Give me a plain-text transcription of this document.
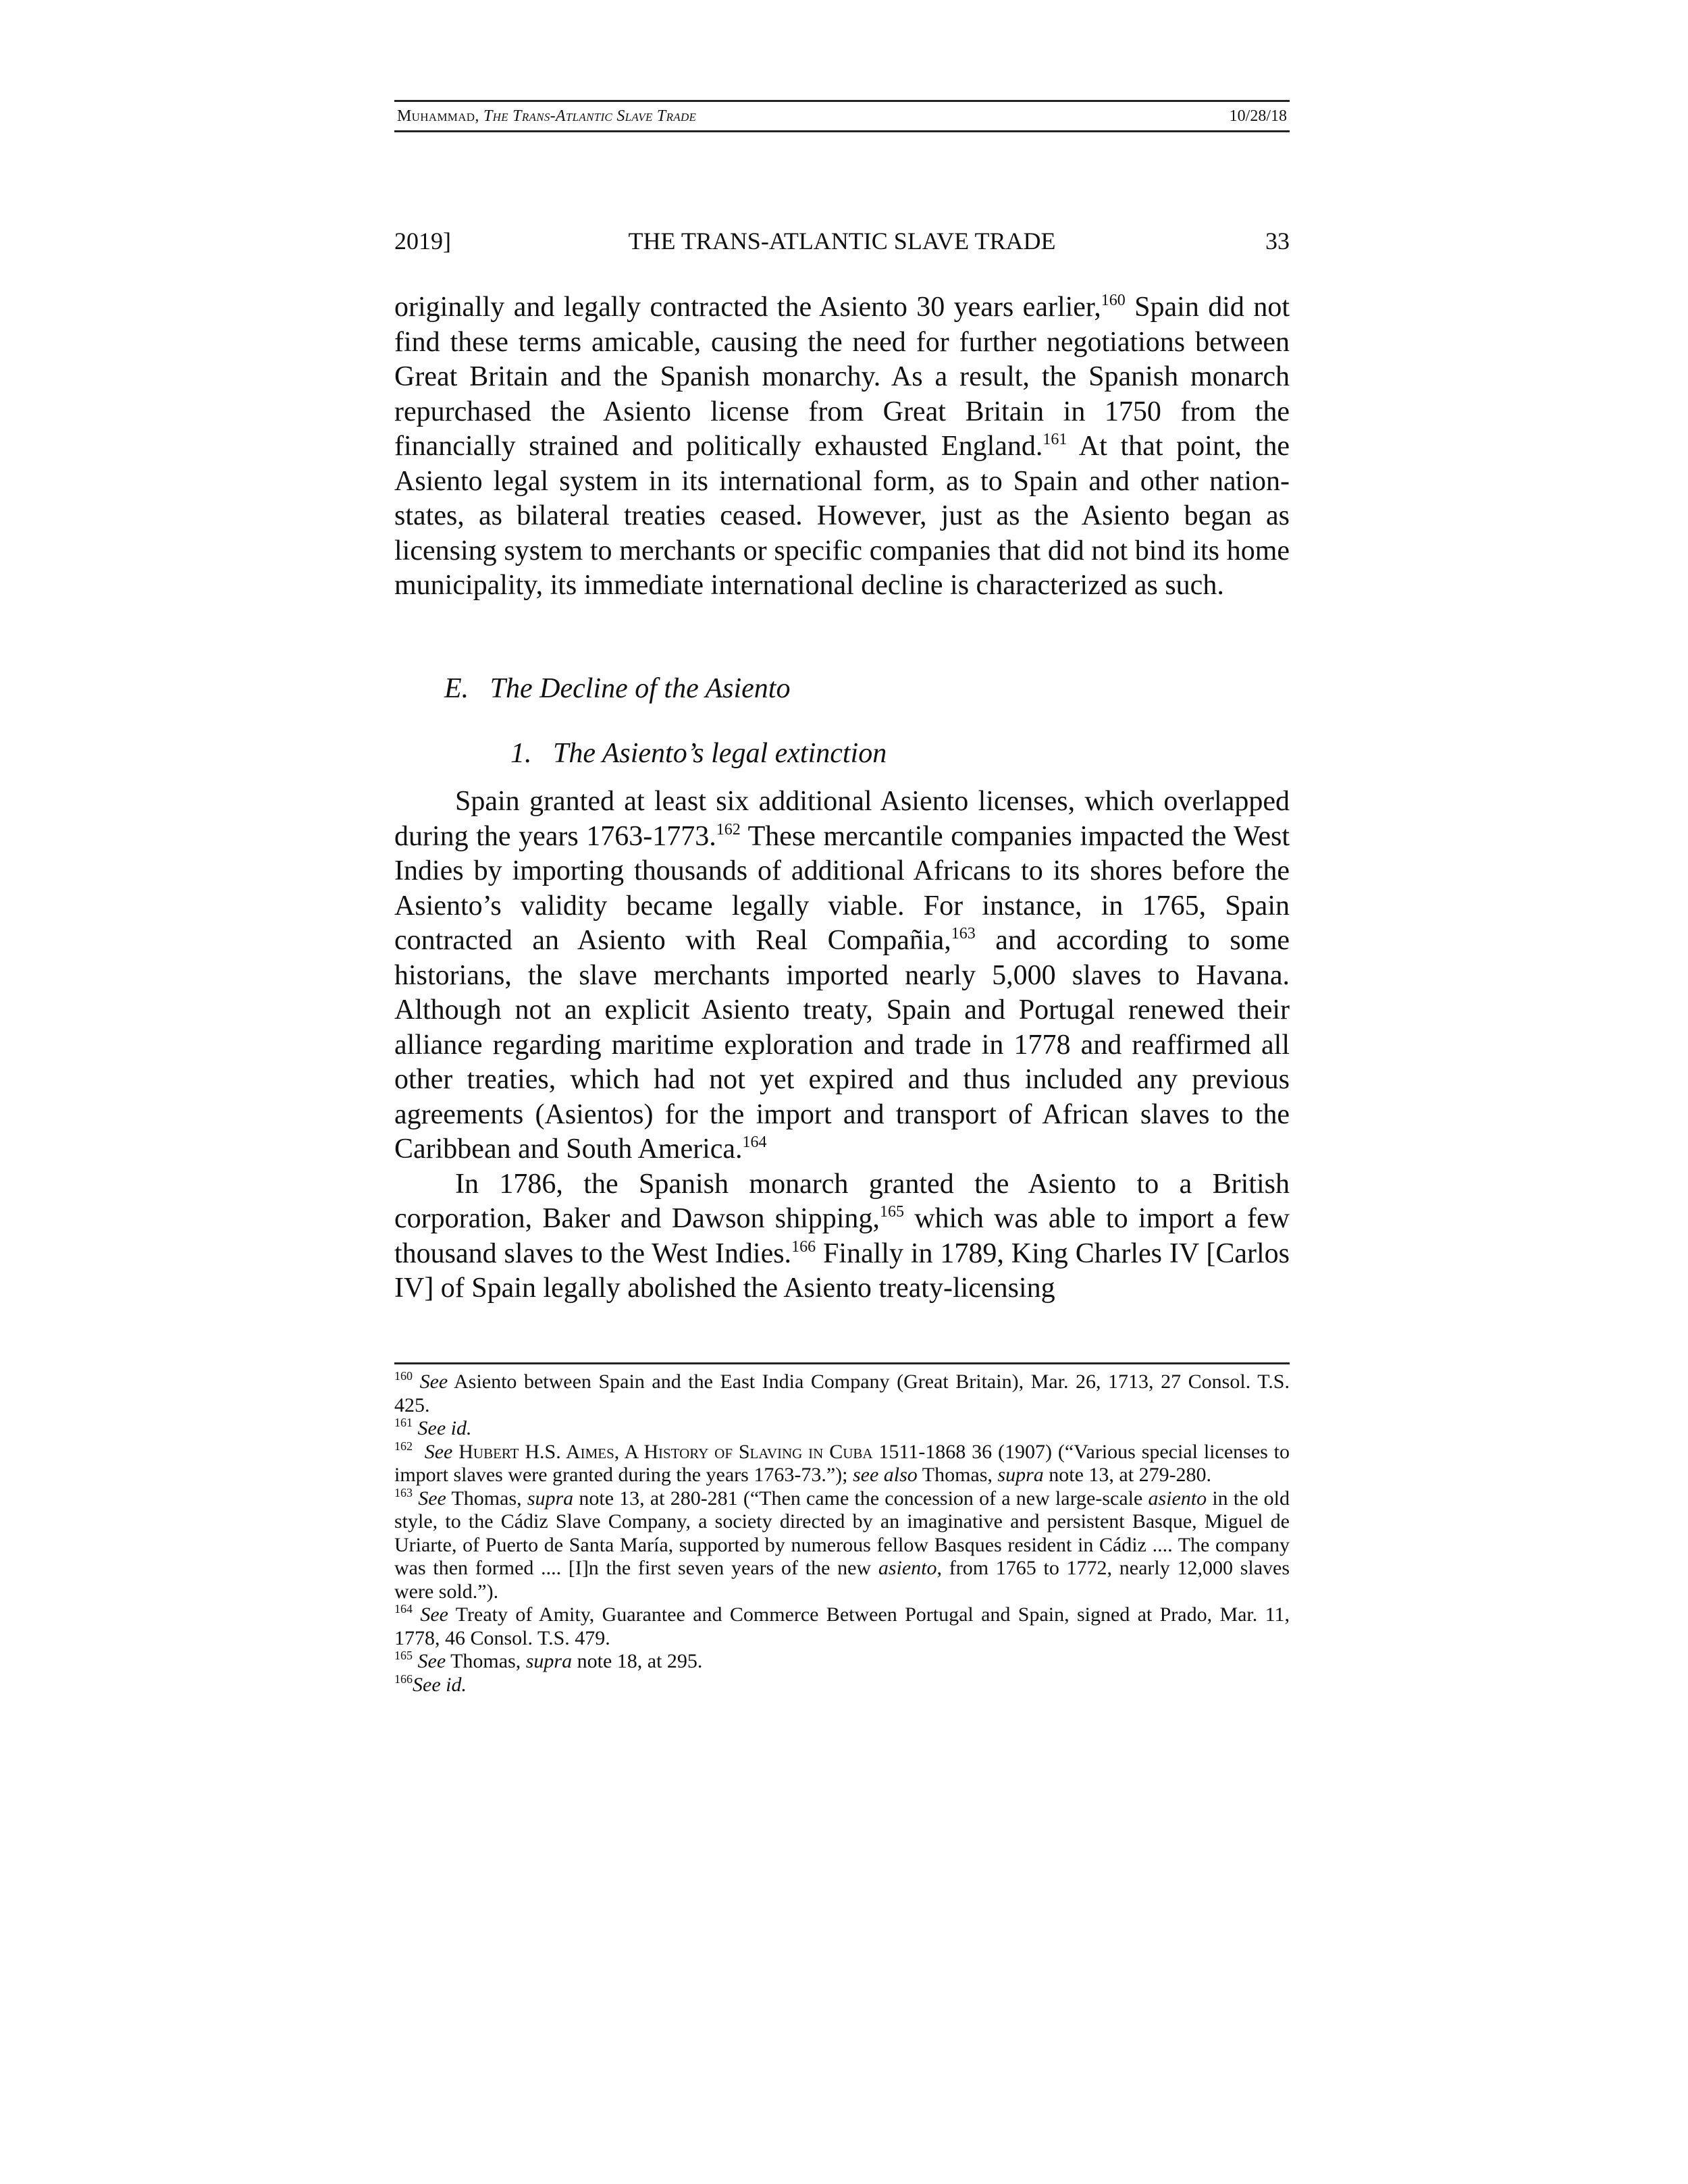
Muhammad, The Trans-Atlantic Slave Trade	10/28/18
2019]	THE TRANS-ATLANTIC SLAVE TRADE	33

originally and legally contracted the Asiento 30 years earlier,$^{160}$ Spain did not find these terms amicable, causing the need for further negotiations between Great Britain and the Spanish monarchy. As a result, the Spanish monarch repurchased the Asiento license from Great Britain in 1750 from the financially strained and politically exhausted England.$^{161}$ At that point, the Asiento legal system in its international form, as to Spain and other nation-states, as bilateral treaties ceased. However, just as the Asiento began as licensing system to merchants or specific companies that did not bind its home municipality, its immediate international decline is characterized as such.

E.   The Decline of the Asiento
1.   The Asiento’s legal extinction

Spain granted at least six additional Asiento licenses, which overlapped during the years 1763-1773.$^{162}$ These mercantile companies impacted the West Indies by importing thousands of additional Africans to its shores before the Asiento’s validity became legally viable. For instance, in 1765, Spain contracted an Asiento with Real Compañia,$^{163}$ and according to some historians, the slave merchants imported nearly 5,000 slaves to Havana. Although not an explicit Asiento treaty, Spain and Portugal renewed their alliance regarding maritime exploration and trade in 1778 and reaffirmed all other treaties, which had not yet expired and thus included any previous agreements (Asientos) for the import and transport of African slaves to the Caribbean and South America.$^{164}$

In 1786, the Spanish monarch granted the Asiento to a British corporation, Baker and Dawson shipping,$^{165}$ which was able to import a few thousand slaves to the West Indies.$^{166}$ Finally in 1789, King Charles IV [Carlos IV] of Spain legally abolished the Asiento treaty-licensing

$^{160}$ See Asiento between Spain and the East India Company (Great Britain), Mar. 26, 1713, 27 Consol. T.S. 425.

$^{161}$ See id.

$^{162}$ See Hubert H.S. Aimes, A History of Slaving in Cuba 1511-1868 36 (1907) (“Various special licenses to import slaves were granted during the years 1763-73.”); see also Thomas, supra note 13, at 279-280.

$^{163}$ See Thomas, supra note 13, at 280-281 (“Then came the concession of a new large-scale asiento in the old style, to the Cádiz Slave Company, a society directed by an imaginative and persistent Basque, Miguel de Uriarte, of Puerto de Santa María, supported by numerous fellow Basques resident in Cádiz .... The company was then formed .... [I]n the first seven years of the new asiento, from 1765 to 1772, nearly 12,000 slaves were sold.”).

$^{164}$ See Treaty of Amity, Guarantee and Commerce Between Portugal and Spain, signed at Prado, Mar. 11, 1778, 46 Consol. T.S. 479.

$^{165}$ See Thomas, supra note 18, at 295.

$^{166}$See id.
